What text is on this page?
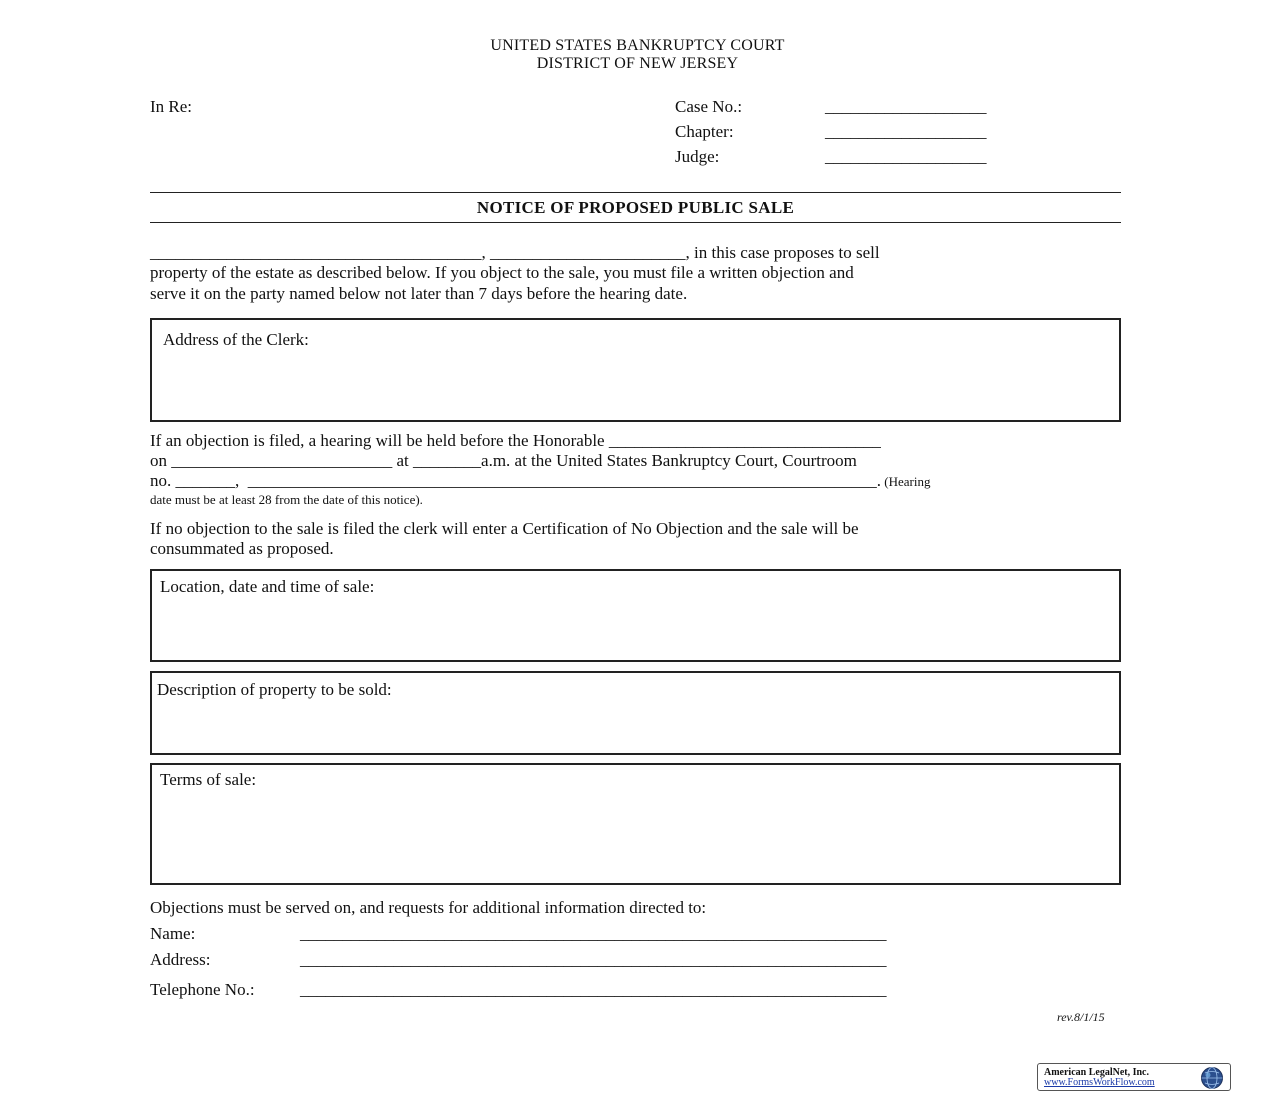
UNITED STATES BANKRUPTCY COURT
DISTRICT OF NEW JERSEY
In Re:	Case No.:	___________________
Chapter:	___________________
Judge:	___________________
NOTICE OF PROPOSED PUBLIC SALE
_______________________________________, _______________________, in this case proposes to sell
property of the estate as described below. If you object to the sale, you must file a written objection and
serve it on the party named below not later than 7 days before the hearing date.
Address of the Clerk:
If an objection is filed, a hearing will be held before the Honorable ________________________________
on __________________________ at ________a.m. at the United States Bankruptcy Court, Courtroom
no. _______,  __________________________________________________________________________. (Hearing
date must be at least 28 from the date of this notice).
If no objection to the sale is filed the clerk will enter a Certification of No Objection and the sale will be
consummated as proposed.
Location, date and time of sale:
Description of property to be sold:
Terms of sale:
Objections must be served on, and requests for additional information directed to:
Name:	_____________________________________________________________________
Address:	_____________________________________________________________________
Telephone No.:	_____________________________________________________________________
rev.8/1/15
American LegalNet, Inc.
www.FormsWorkFlow.com
